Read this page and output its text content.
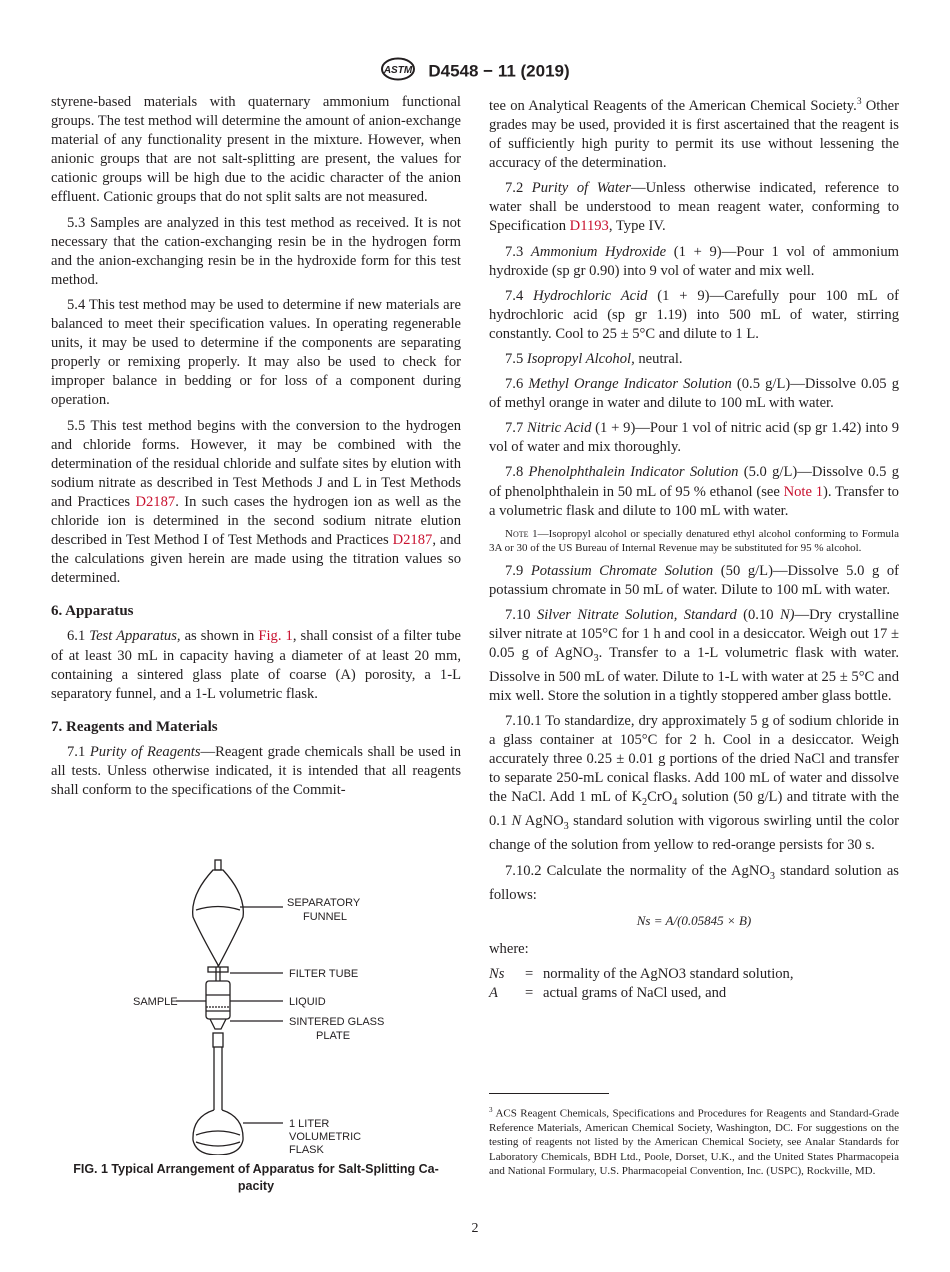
ASTM D4548 − 11 (2019)

styrene-based materials with quaternary ammonium functional groups. The test method will determine the amount of anion-exchange material of any functionality present in the mixture. However, when anionic groups that are not salt-splitting are present, the values for cationic groups will be high due to the acidic character of the anion effluent. Cationic groups that do not split salts are not measured.

5.3 Samples are analyzed in this test method as received. It is not necessary that the cation-exchanging resin be in the hydrogen form and the anion-exchanging resin be in the hydroxide form for this test method.

5.4 This test method may be used to determine if new materials are balanced to meet their specification values. In operating regenerable units, it may be used to determine if the components are separating properly or remixing properly. It may also be used to check for improper balance in bedding or for loss of a component during operation.

5.5 This test method begins with the conversion to the hydrogen and chloride forms. However, it may be combined with the determination of the residual chloride and sulfate sites by elution with sodium nitrate as described in Test Methods J and L in Test Methods and Practices D2187. In such cases the hydrogen ion as well as the chloride ion is determined in the second sodium nitrate elution described in Test Method I of Test Methods and Practices D2187, and the calculations given herein are made using the titration values so determined.

6. Apparatus

6.1 Test Apparatus, as shown in Fig. 1, shall consist of a filter tube of at least 30 mL in capacity having a diameter of at least 20 mm, containing a sintered glass plate of coarse (A) porosity, a 1-L separatory funnel, and a 1-L volumetric flask.

7. Reagents and Materials

7.1 Purity of Reagents—Reagent grade chemicals shall be used in all tests. Unless otherwise indicated, it is intended that all reagents shall conform to the specifications of the Commit-

SEPARATORY
FUNNEL
FILTER TUBE
SAMPLE	LIQUID
SINTERED GLASS
PLATE
1 LITER
VOLUMETRIC
FLASK
FIG. 1 Typical Arrangement of Apparatus for Salt-Splitting Ca-
pacity

tee on Analytical Reagents of the American Chemical Society.$^3$ Other grades may be used, provided it is first ascertained that the reagent is of sufficiently high purity to permit its use without lessening the accuracy of the determination.

7.2 Purity of Water—Unless otherwise indicated, reference to water shall be understood to mean reagent water, conforming to Specification D1193, Type IV.

7.3 Ammonium Hydroxide (1 + 9)—Pour 1 vol of ammonium hydroxide (sp gr 0.90) into 9 vol of water and mix well.

7.4 Hydrochloric Acid (1 + 9)—Carefully pour 100 mL of hydrochloric acid (sp gr 1.19) into 500 mL of water, stirring constantly. Cool to 25 ± 5°C and dilute to 1 L.

7.5 Isopropyl Alcohol, neutral.

7.6 Methyl Orange Indicator Solution (0.5 g/L)—Dissolve 0.05 g of methyl orange in water and dilute to 100 mL with water.

7.7 Nitric Acid (1 + 9)—Pour 1 vol of nitric acid (sp gr 1.42) into 9 vol of water and mix thoroughly.

7.8 Phenolphthalein Indicator Solution (5.0 g/L)—Dissolve 0.5 g of phenolphthalein in 50 mL of 95 % ethanol (see Note 1). Transfer to a volumetric flask and dilute to 100 mL with water.

Note 1—Isopropyl alcohol or specially denatured ethyl alcohol conforming to Formula 3A or 30 of the US Bureau of Internal Revenue may be substituted for 95 % alcohol.

7.9 Potassium Chromate Solution (50 g/L)—Dissolve 5.0 g of potassium chromate in 50 mL of water. Dilute to 100 mL with water.

7.10 Silver Nitrate Solution, Standard (0.10 N)—Dry crystalline silver nitrate at 105°C for 1 h and cool in a desiccator. Weigh out 17 ± 0.05 g of AgNO$_3$. Transfer to a 1-L volumetric flask with water. Dissolve in 500 mL of water. Dilute to 1-L with water at 25 ± 5°C and mix well. Store the solution in a tightly stoppered amber glass bottle.

7.10.1 To standardize, dry approximately 5 g of sodium chloride in a glass container at 105°C for 2 h. Cool in a desiccator. Weigh accurately three 0.25 ± 0.01 g portions of the dried NaCl and transfer to separate 250-mL conical flasks. Add 100 mL of water and dissolve the NaCl. Add 1 mL of $K_2CrO_4$ solution (50 g/L) and titrate with the 0.1 N AgNO$_3$ standard solution with vigorous swirling until the color change of the solution from yellow to red-orange persists for 30 s.

7.10.2 Calculate the normality of the AgNO$_3$ standard solution as follows:

Ns = A/(0.05845 × B)

where:

Ns	= normality of the AgNO3 standard solution,
A	= actual grams of NaCl used, and
$^3$ ACS Reagent Chemicals, Specifications and Procedures for Reagents and Standard-Grade Reference Materials, American Chemical Society, Washington, DC. For suggestions on the testing of reagents not listed by the American Chemical Society, see Analar Standards for Laboratory Chemicals, BDH Ltd., Poole, Dorset, U.K., and the United States Pharmacopeia and National Formulary, U.S. Pharmacopeial Convention, Inc. (USPC), Rockville, MD.
2
